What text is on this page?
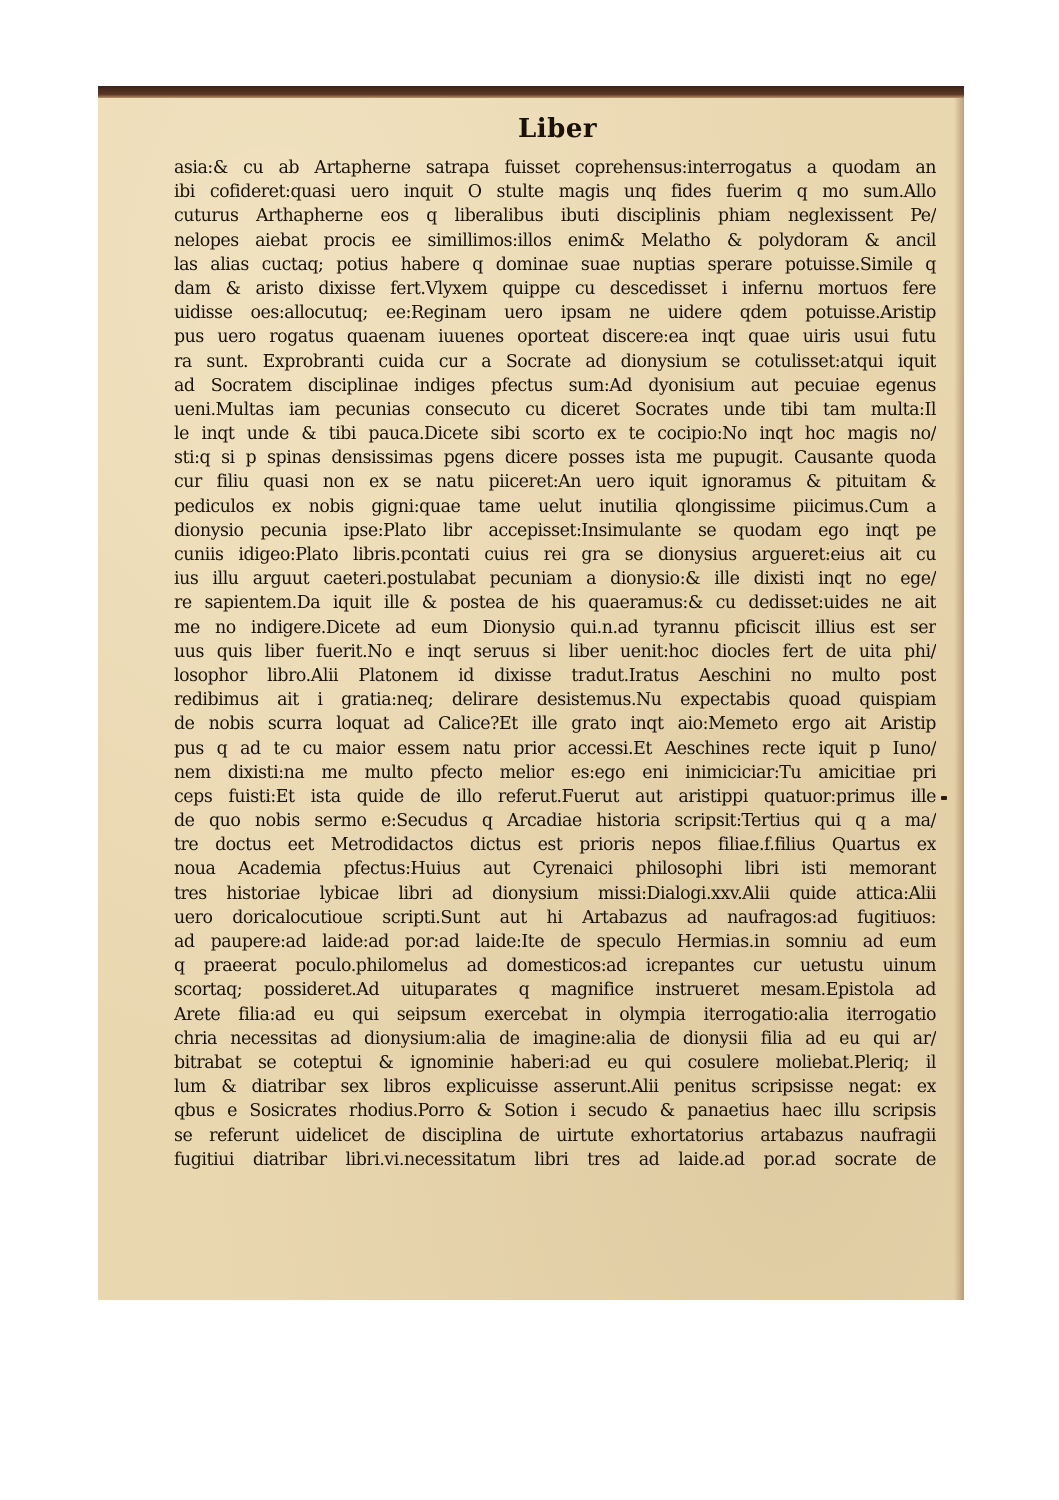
Liber
asia:& cu ab Artapherne satrapa fuisset coprehensus:interrogatus a quodam an
ibi cofideret:quasi uero inquit O stulte magis unq fides fuerim q mo sum.Allo
cuturus Arthapherne eos q liberalibus ibuti disciplinis phiam neglexissent Pe/
nelopes aiebat procis ee simillimos:illos enim& Melatho & polydoram & ancil
las alias cuctaq; potius habere q dominae suae nuptias sperare potuisse.Simile q
dam & aristo dixisse fert.Vlyxem quippe cu descedisset i infernu mortuos fere
uidisse oes:allocutuq; ee:Reginam uero ipsam ne uidere qdem potuisse.Aristip
pus uero rogatus quaenam iuuenes oporteat discere:ea inqt quae uiris usui futu
ra sunt. Exprobranti cuida cur a Socrate ad dionysium se cotulisset:atqui iquit
ad Socratem disciplinae indiges pfectus sum:Ad dyonisium aut pecuiae egenus
ueni.Multas iam pecunias consecuto cu diceret Socrates unde tibi tam multa:Il
le inqt unde & tibi pauca.Dicete sibi scorto ex te cocipio:No inqt hoc magis no/
sti:q si p spinas densissimas pgens dicere posses ista me pupugit. Causante quoda
cur filiu quasi non ex se natu piiceret:An uero iquit ignoramus & pituitam &
pediculos ex nobis gigni:quae tame uelut inutilia qlongissime piicimus.Cum a
dionysio pecunia ipse:Plato libr accepisset:Insimulante se quodam ego inqt pe
cuniis idigeo:Plato libris.pcontati cuius rei gra se dionysius argueret:eius ait cu
ius illu arguut caeteri.postulabat pecuniam a dionysio:& ille dixisti inqt no ege/
re sapientem.Da iquit ille & postea de his quaeramus:& cu dedisset:uides ne ait
me no indigere.Dicete ad eum Dionysio qui.n.ad tyrannu pficiscit illius est ser
uus quis liber fuerit.No e inqt seruus si liber uenit:hoc diocles fert de uita phi/
losophor libro.Alii Platonem id dixisse tradut.Iratus Aeschini no multo post
redibimus ait i gratia:neq; delirare desistemus.Nu expectabis quoad quispiam
de nobis scurra loquat ad Calice?Et ille grato inqt aio:Memeto ergo ait Aristip
pus q ad te cu maior essem natu prior accessi.Et Aeschines recte iquit p Iuno/
nem dixisti:na me multo pfecto melior es:ego eni inimiciciar:Tu amicitiae pri
ceps fuisti:Et ista quide de illo referut.Fuerut aut aristippi quatuor:primus ille
de quo nobis sermo e:Secudus q Arcadiae historia scripsit:Tertius qui q a ma/
tre doctus eet Metrodidactos dictus est prioris nepos filiae.f.filius Quartus ex
noua Academia pfectus:Huius aut Cyrenaici philosophi libri isti memorant
tres historiae lybicae libri ad dionysium missi:Dialogi.xxv.Alii quide attica:Alii
uero doricalocutioue scripti.Sunt aut hi Artabazus ad naufragos:ad fugitiuos:
ad paupere:ad laide:ad por:ad laide:Ite de speculo Hermias.in somniu ad eum
q praeerat poculo.philomelus ad domesticos:ad icrepantes cur uetustu uinum
scortaq; possideret.Ad uituparates q magnifice instrueret mesam.Epistola ad
Arete filia:ad eu qui seipsum exercebat in olympia iterrogatio:alia iterrogatio
chria necessitas ad dionysium:alia de imagine:alia de dionysii filia ad eu qui ar/
bitrabat se coteptui & ignominie haberi:ad eu qui cosulere moliebat.Pleriq; il
lum & diatribar sex libros explicuisse asserunt.Alii penitus scripsisse negat: ex
qbus e Sosicrates rhodius.Porro & Sotion i secudo & panaetius haec illu scripsis
se referunt uidelicet de disciplina de uirtute exhortatorius artabazus naufragii
fugitiui diatribar libri.vi.necessitatum libri tres ad laide.ad por.ad socrate de
